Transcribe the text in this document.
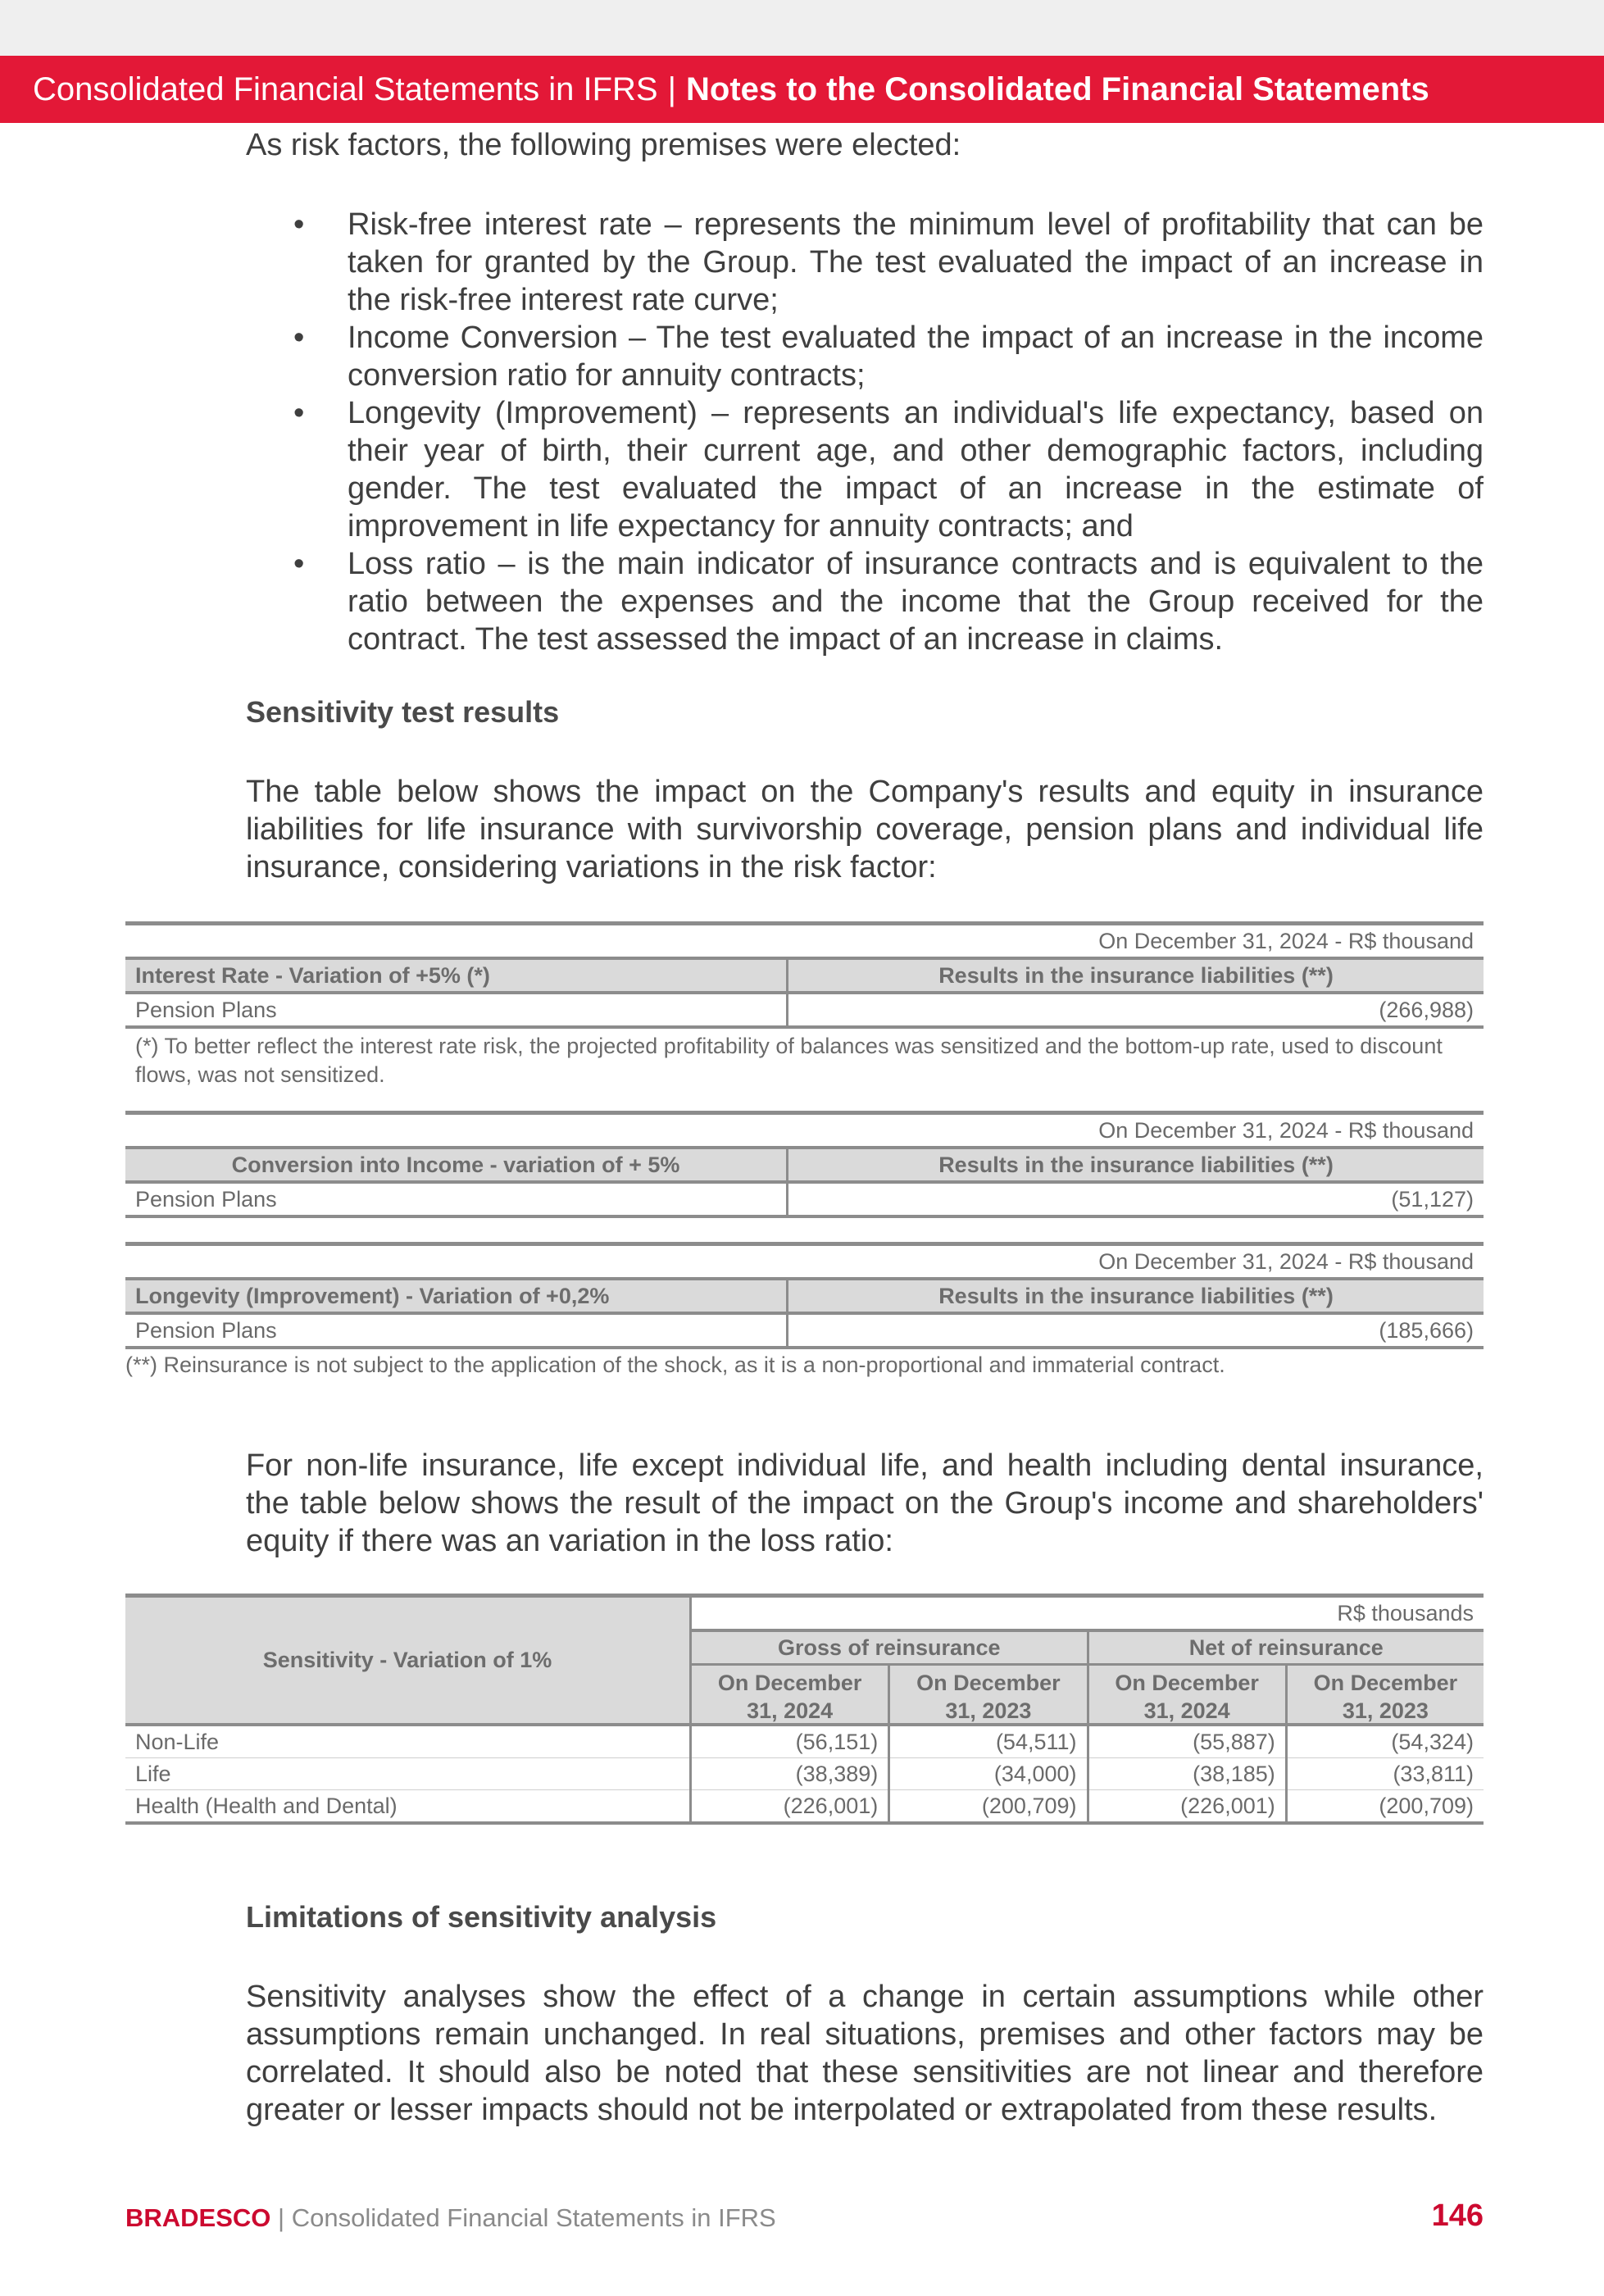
Consolidated Financial Statements in IFRS | Notes to the Consolidated Financial Statements

As risk factors, the following premises were elected:

• Risk-free interest rate – represents the minimum level of profitability that can be taken for granted by the Group. The test evaluated the impact of an increase in the risk-free interest rate curve;
• Income Conversion – The test evaluated the impact of an increase in the income conversion ratio for annuity contracts;
• Longevity (Improvement) – represents an individual's life expectancy, based on their year of birth, their current age, and other demographic factors, including gender. The test evaluated the impact of an increase in the estimate of improvement in life expectancy for annuity contracts; and
• Loss ratio – is the main indicator of insurance contracts and is equivalent to the ratio between the expenses and the income that the Group received for the contract. The test assessed the impact of an increase in claims.
Sensitivity test results

The table below shows the impact on the Company's results and equity in insurance liabilities for life insurance with survivorship coverage, pension plans and individual life insurance, considering variations in the risk factor:

On December 31, 2024 - R$ thousand	
Interest Rate - Variation of +5% (*)	Results in the insurance liabilities (**)
Pension Plans	(266,988)
(*) To better reflect the interest rate risk, the projected profitability of balances was sensitized and the bottom-up rate, used to discount flows, was not sensitized.
On December 31, 2024 - R$ thousand	
Conversion into Income - variation of + 5%	Results in the insurance liabilities (**)
Pension Plans	(51,127)
On December 31, 2024 - R$ thousand	
Longevity (Improvement) - Variation of +0,2%	Results in the insurance liabilities (**)
Pension Plans	(185,666)
(**) Reinsurance is not subject to the application of the shock, as it is a non-proportional and immaterial contract.

For non-life insurance, life except individual life, and health including dental insurance, the table below shows the result of the impact on the Group's income and shareholders' equity if there was an variation in the loss ratio:

Sensitivity - Variation of 1%	R$ thousands			
	Gross of reinsurance		Net of reinsurance	
	On December 31, 2024	On December 31, 2023	On December 31, 2024	On December 31, 2023

Non-Life	(56,151)	(54,511)	(55,887)	(54,324)
Life	(38,389)	(34,000)	(38,185)	(33,811)
Health (Health and Dental)	(226,001)	(200,709)	(226,001)	(200,709)
Limitations of sensitivity analysis

Sensitivity analyses show the effect of a change in certain assumptions while other assumptions remain unchanged. In real situations, premises and other factors may be correlated. It should also be noted that these sensitivities are not linear and therefore greater or lesser impacts should not be interpolated or extrapolated from these results.

BRADESCO | Consolidated Financial Statements in IFRS	146
